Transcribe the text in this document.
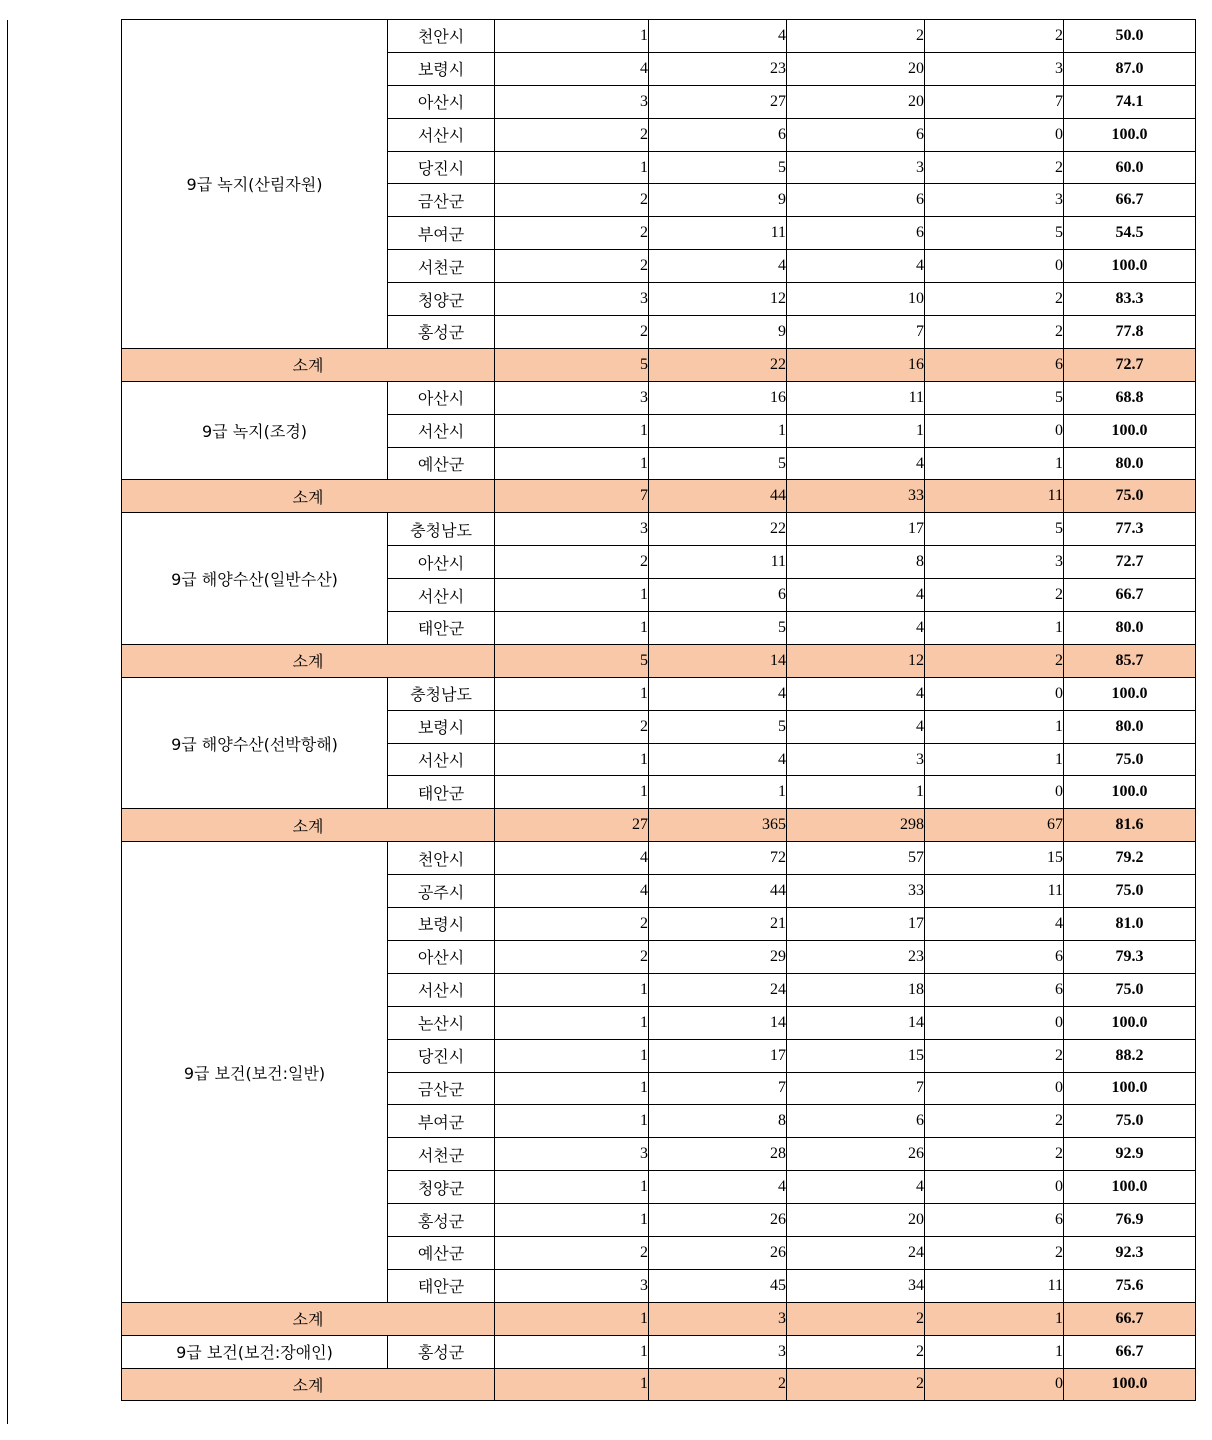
9급 녹지(산림자원)	천안시	1	4	2	2	50.0
	보령시	4	23	20	3	87.0
	아산시	3	27	20	7	74.1
	서산시	2	6	6	0	100.0
	당진시	1	5	3	2	60.0
	금산군	2	9	6	3	66.7
	부여군	2	11	6	5	54.5
	서천군	2	4	4	0	100.0
	청양군	3	12	10	2	83.3
	홍성군	2	9	7	2	77.8
소계		5	22	16	6	72.7
9급 녹지(조경)	아산시	3	16	11	5	68.8
	서산시	1	1	1	0	100.0
	예산군	1	5	4	1	80.0
소계		7	44	33	11	75.0
9급 해양수산(일반수산)	충청남도	3	22	17	5	77.3
	아산시	2	11	8	3	72.7
	서산시	1	6	4	2	66.7
	태안군	1	5	4	1	80.0
소계		5	14	12	2	85.7
9급 해양수산(선박항해)	충청남도	1	4	4	0	100.0
	보령시	2	5	4	1	80.0
	서산시	1	4	3	1	75.0
	태안군	1	1	1	0	100.0
소계		27	365	298	67	81.6
9급 보건(보건:일반)	천안시	4	72	57	15	79.2
	공주시	4	44	33	11	75.0
	보령시	2	21	17	4	81.0
	아산시	2	29	23	6	79.3
	서산시	1	24	18	6	75.0
	논산시	1	14	14	0	100.0
	당진시	1	17	15	2	88.2
	금산군	1	7	7	0	100.0
	부여군	1	8	6	2	75.0
	서천군	3	28	26	2	92.9
	청양군	1	4	4	0	100.0
	홍성군	1	26	20	6	76.9
	예산군	2	26	24	2	92.3
	태안군	3	45	34	11	75.6
소계		1	3	2	1	66.7
9급 보건(보건:장애인)	홍성군	1	3	2	1	66.7
소계		1	2	2	0	100.0
